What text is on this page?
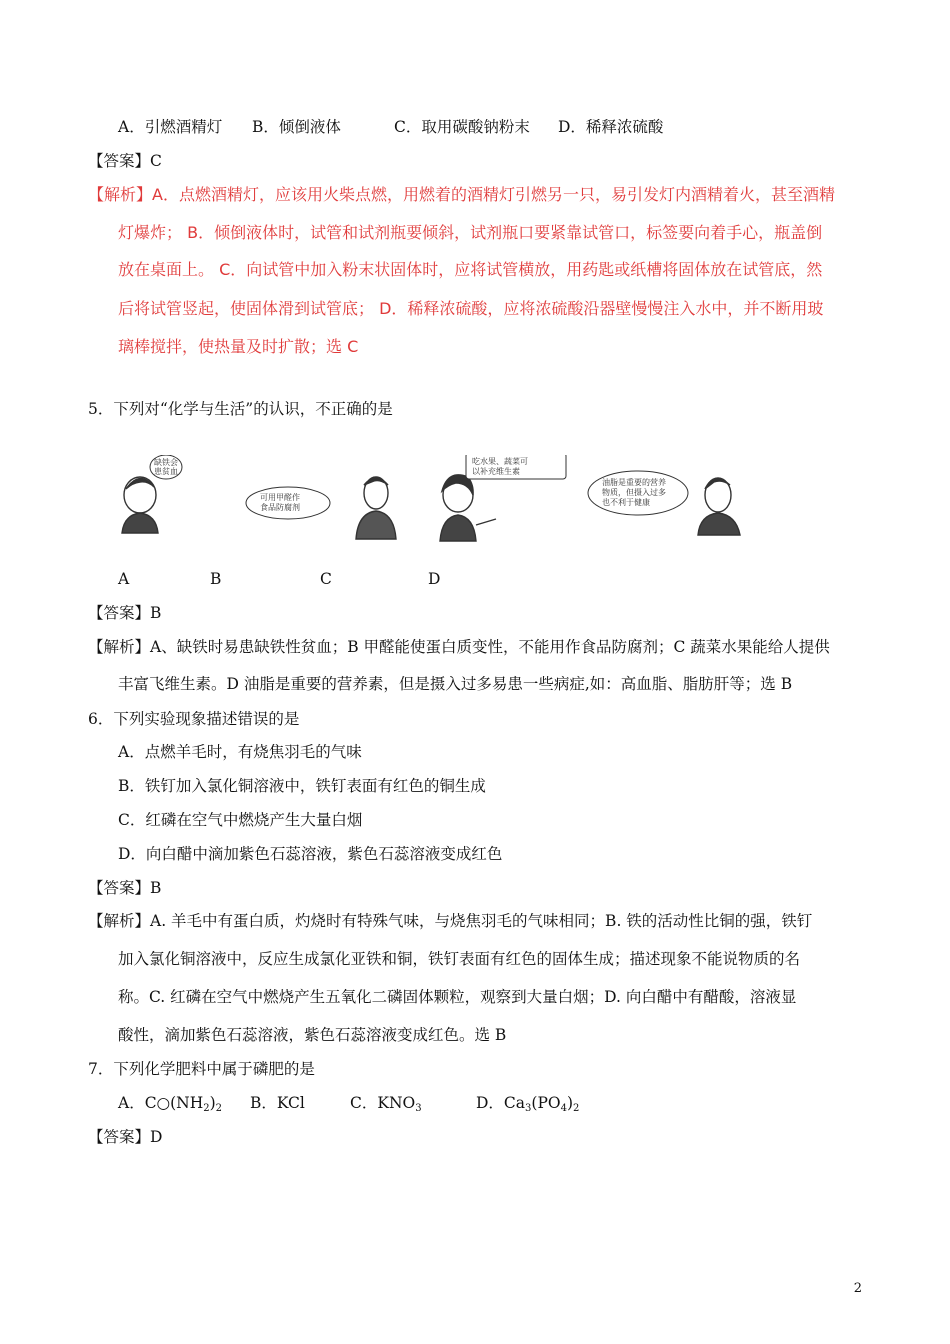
A．引燃酒精灯 B．倾倒液体	C．取用碳酸钠粉末 D．稀释浓硫酸
【答案】C
【解析】A．点燃酒精灯，应该用火柴点燃，用燃着的酒精灯引燃另一只，易引发灯内酒精着火，甚至酒精
灯爆炸； B．倾倒液体时，试管和试剂瓶要倾斜，试剂瓶口要紧靠试管口，标签要向着手心，瓶盖倒
放在桌面上。 C．向试管中加入粉末状固体时，应将试管横放，用药匙或纸槽将固体放在试管底，然
后将试管竖起，使固体滑到试管底； D．稀释浓硫酸，应将浓硫酸沿器壁慢慢注入水中，并不断用玻
璃棒搅拌，使热量及时扩散；选 C
5．下列对“化学与生活”的认识，不正确的是
缺铁会
患贫血
可用甲醛作
食品防腐剂
吃水果、蔬菜可
以补充维生素
油脂是重要的营养
物质，但摄入过多
也不利于健康
A	B	C	D
【答案】B
【解析】A、缺铁时易患缺铁性贫血；B 甲醛能使蛋白质变性，不能用作食品防腐剂；C 蔬菜水果能给人提供
丰富飞维生素。D 油脂是重要的营养素，但是摄入过多易患一些病症,如：高血脂、脂肪肝等；选 B
6．下列实验现象描述错误的是
A．点燃羊毛时，有烧焦羽毛的气味
B．铁钉加入氯化铜溶液中，铁钉表面有红色的铜生成
C．红磷在空气中燃烧产生大量白烟
D．向白醋中滴加紫色石蕊溶液，紫色石蕊溶液变成红色
【答案】B
【解析】A. 羊毛中有蛋白质，灼烧时有特殊气味，与烧焦羽毛的气味相同；B. 铁的活动性比铜的强，铁钉
加入氯化铜溶液中，反应生成氯化亚铁和铜，铁钉表面有红色的固体生成；描述现象不能说物质的名
称。C. 红磷在空气中燃烧产生五氧化二磷固体颗粒，观察到大量白烟；D. 向白醋中有醋酸，溶液显
酸性，滴加紫色石蕊溶液，紫色石蕊溶液变成红色。选 B
7．下列化学肥料中属于磷肥的是
A．$C○(NH_2)_2$ B．KCl	C．$KNO_3$	D．$Ca_3(PO_4)_2$
【答案】D
2
